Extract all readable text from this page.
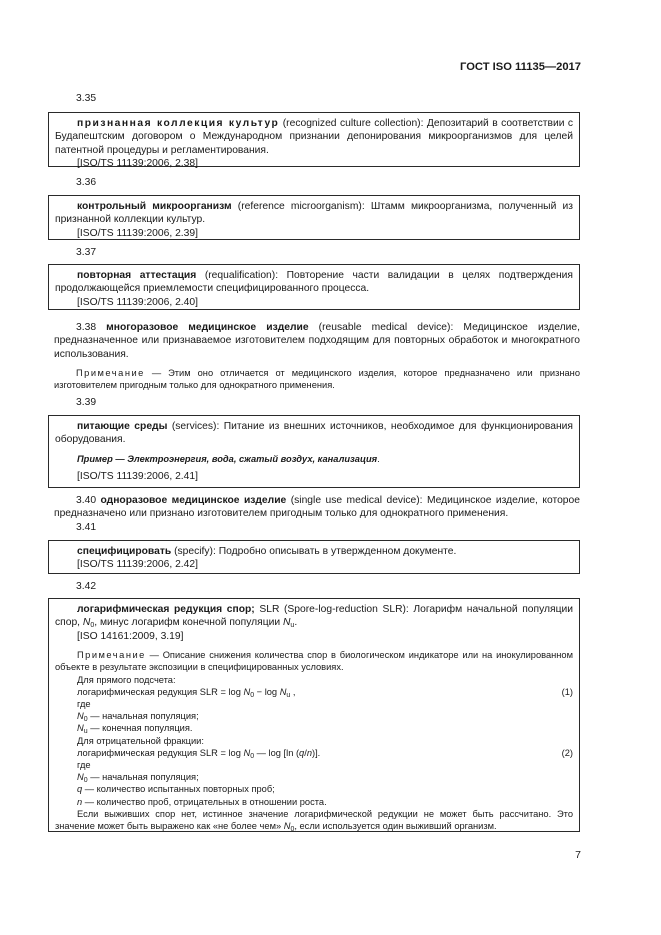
ГОСТ ISO 11135—2017
3.35

признанная коллекция культур (recognized culture collection): Депозитарий в соответствии с Будапештским договором о Международном признании депонирования микроорганизмов для целей патентной процедуры и регламентирования.

[ISO/TS 11139:2006, 2.38]

3.36

контрольный микроорганизм (reference microorganism): Штамм микроорганизма, полученный из признанной коллекции культур.

[ISO/TS 11139:2006, 2.39]

3.37

повторная аттестация (requalification): Повторение части валидации в целях подтверждения продолжающейся приемлемости специфицированного процесса.

[ISO/TS 11139:2006, 2.40]

3.38 многоразовое медицинское изделие (reusable medical device): Медицинское изделие, предназначенное или признаваемое изготовителем подходящим для повторных обработок и многократного использования.

Примечание — Этим оно отличается от медицинского изделия, которое предназначено или признано изготовителем пригодным только для однократного применения.

3.39

питающие среды (services): Питание из внешних источников, необходимое для функционирования оборудования.

Пример — Электроэнергия, вода, сжатый воздух, канализация.

[ISO/TS 11139:2006, 2.41]

3.40 одноразовое медицинское изделие (single use medical device): Медицинское изделие, которое предназначено или признано изготовителем пригодным только для однократного применения.

3.41

специфицировать (specify): Подробно описывать в утвержденном документе.

[ISO/TS 11139:2006, 2.42]

3.42

логарифмическая редукция спор; SLR (Spore-log-reduction SLR): Логарифм начальной популяции спор, $N_0$, минус логарифм конечной популяции $N_u$.

[ISO 14161:2009, 3.19]

Примечание — Описание снижения количества спор в биологическом индикаторе или на инокулированном объекте в результате экспозиции в специфицированных условиях.

Для прямого подсчета:

логарифмическая редукция SLR = $\log N_0 - \log N_u$ ,	(1)

где

$N_0$ — начальная популяция;

$N_u$ — конечная популяция.

Для отрицательной фракции:

логарифмическая редукция SLR = $\log N_0$ — log [ln (q/n)].	(2)

где

$N_0$ — начальная популяция;

q — количество испытанных повторных проб;

n — количество проб, отрицательных в отношении роста.

Если выживших спор нет, истинное значение логарифмической редукции не может быть рассчитано. Это значение может быть выражено как «не более чем» $N_0$, если используется один выживший организм.

7
